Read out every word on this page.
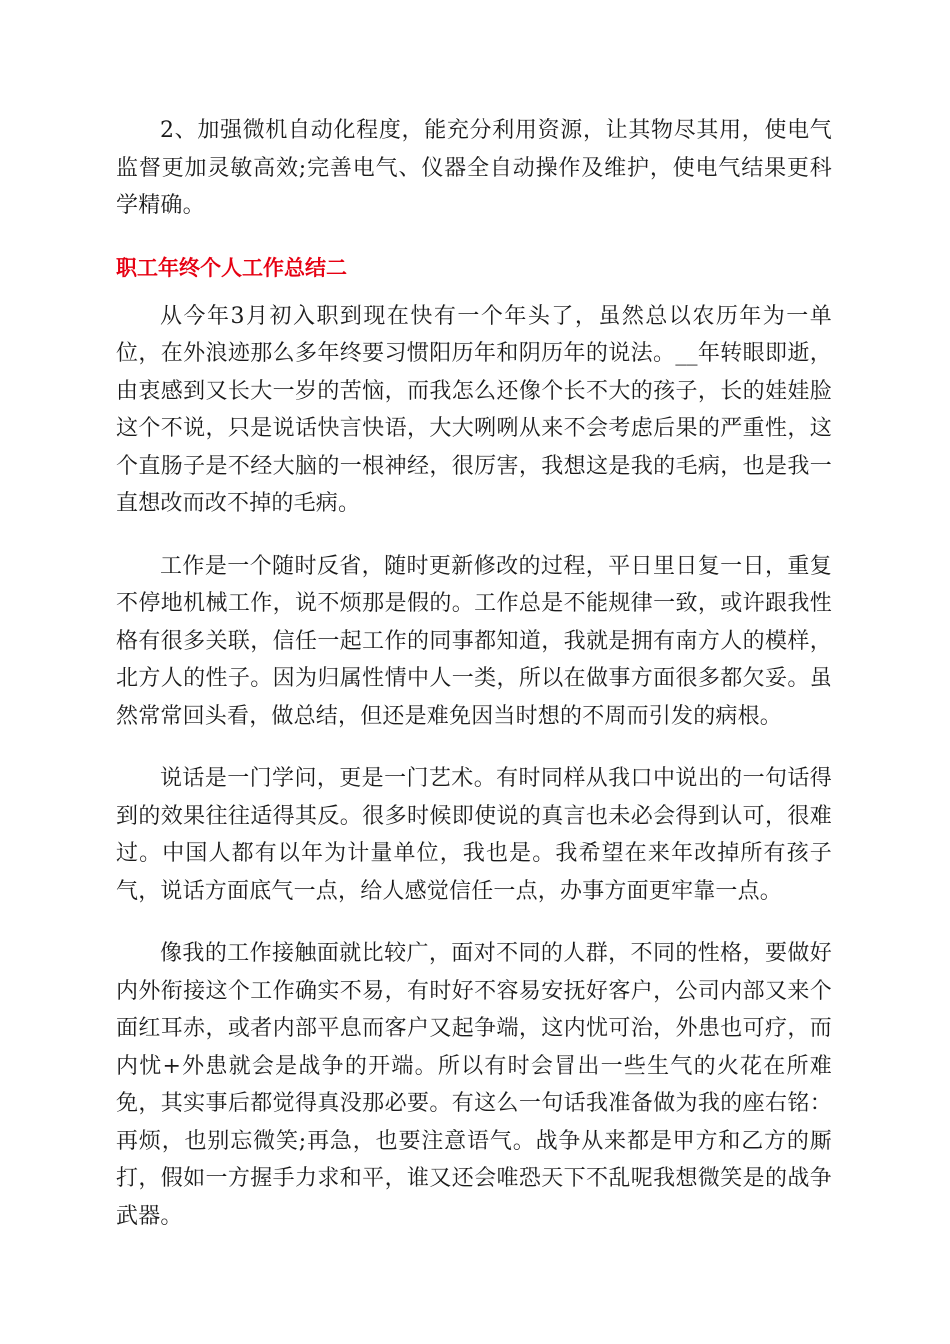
2、加强微机自动化程度，能充分利用资源，让其物尽其用，使电气监督更加灵敏高效;完善电气、仪器全自动操作及维护，使电气结果更科学精确。

职工年终个人工作总结二

从今年3月初入职到现在快有一个年头了，虽然总以农历年为一单位，在外浪迹那么多年终要习惯阳历年和阴历年的说法。__年转眼即逝，由衷感到又长大一岁的苦恼，而我怎么还像个长不大的孩子，长的娃娃脸这个不说，只是说话快言快语，大大咧咧从来不会考虑后果的严重性，这个直肠子是不经大脑的一根神经，很厉害，我想这是我的毛病，也是我一直想改而改不掉的毛病。

工作是一个随时反省，随时更新修改的过程，平日里日复一日，重复不停地机械工作，说不烦那是假的。工作总是不能规律一致，或许跟我性格有很多关联，信任一起工作的同事都知道，我就是拥有南方人的模样，北方人的性子。因为归属性情中人一类，所以在做事方面很多都欠妥。虽然常常回头看，做总结，但还是难免因当时想的不周而引发的病根。

说话是一门学问，更是一门艺术。有时同样从我口中说出的一句话得到的效果往往适得其反。很多时候即使说的真言也未必会得到认可，很难过。中国人都有以年为计量单位，我也是。我希望在来年改掉所有孩子气，说话方面底气一点，给人感觉信任一点，办事方面更牢靠一点。

像我的工作接触面就比较广，面对不同的人群，不同的性格，要做好内外衔接这个工作确实不易，有时好不容易安抚好客户，公司内部又来个面红耳赤，或者内部平息而客户又起争端，这内忧可治，外患也可疗，而内忧+外患就会是战争的开端。所以有时会冒出一些生气的火花在所难免，其实事后都觉得真没那必要。有这么一句话我准备做为我的座右铭：再烦，也别忘微笑;再急，也要注意语气。战争从来都是甲方和乙方的厮打，假如一方握手力求和平，谁又还会唯恐天下不乱呢我想微笑是的战争武器。
